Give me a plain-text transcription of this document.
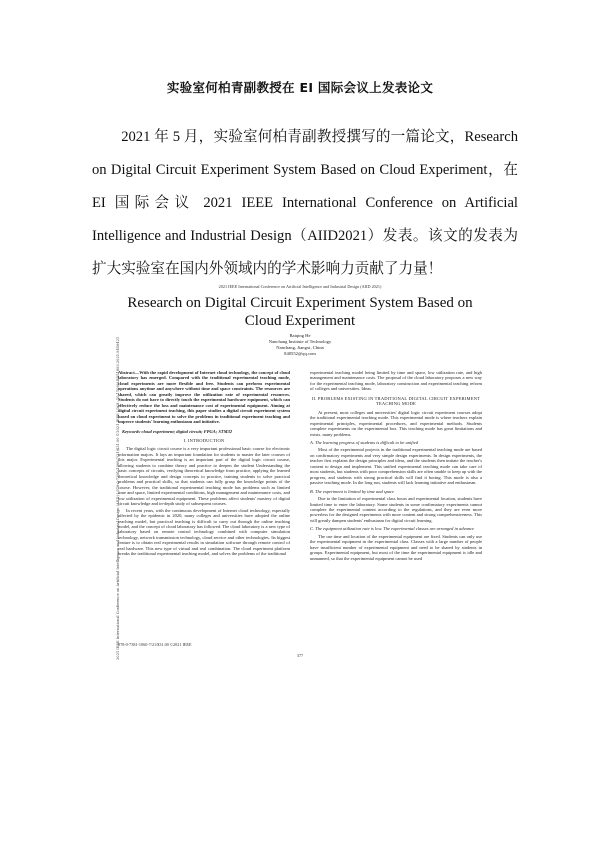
实验室何柏青副教授在 EI 国际会议上发表论文
2021 年 5 月，实验室何柏青副教授撰写的一篇论文，Research on Digital Circuit Experiment System Based on Cloud Experiment，在 EI 国际会议 2021 IEEE International Conference on Artificial Intelligence and Industrial Design（AIID2021）发表。该文的发表为扩大实验室在国内外领域内的学术影响力贡献了力量！
2021 IEEE International Conference on Artificial Intelligence and Industrial Design (AIID 2021)
Research on Digital Circuit Experiment System Based on Cloud Experiment
Baiqing He
Nanchang Institute of Technology
Nanchang, Jiangxi, China
840552@qq.com

Abstract—With the rapid development of Internet cloud technology, the concept of cloud laboratory has emerged. Compared with the traditional experimental teaching mode, cloud experiments are more flexible and free. Students can perform experimental operations anytime and anywhere without time and space constraints. The resources are shared, which can greatly improve the utilization rate of experimental resources. Students do not have to directly touch the experimental hardware equipment, which can effectively reduce the loss and maintenance cost of experimental equipment. Aiming at digital circuit experiment teaching, this paper studies a digital circuit experiment system based on cloud experiment to solve the problems in traditional experiment teaching and improve students' learning enthusiasm and initiative.

Keywords-cloud experiment; digital circuit; FPGA; STM32

I. INTRODUCTION

The digital logic circuit course is a very important professional basic course for electronic information majors. It lays an important foundation for students to master the later courses of this major. Experimental teaching is an important part of the digital logic circuit course, allowing students to combine theory and practice to deepen the student Understanding the basic concepts of circuits, verifying theoretical knowledge from practice, applying the learned theoretical knowledge and design concepts to practice, training students to solve practical problems and practical skills, so that students can fully grasp the knowledge points of the course. However, the traditional experimental teaching mode has problems such as limited time and space, limited experimental conditions, high management and maintenance costs, and low utilization of experimental equipment. These problems affect students' mastery of digital circuit knowledge and in-depth study of subsequent courses.

In recent years, with the continuous development of Internet cloud technology, especially affected by the epidemic in 2020, many colleges and universities have adopted the online teaching model, but practical teaching is difficult to carry out through the online teaching model, and the concept of cloud laboratory has followed. The cloud laboratory is a new type of laboratory based on remote control technology combined with computer simulation technology, network transmission technology, cloud service and other technologies. Its biggest feature is to obtain real experimental results in simulation software through remote control of real hardware. This new type of virtual and real combination. The cloud experiment platform breaks the traditional experimental teaching model, and solves the problems of the traditional

experimental teaching model being limited by time and space, low utilization rate, and high management and maintenance costs. The proposal of the cloud laboratory proposes a new way for the experimental teaching mode, laboratory construction and experimental teaching reform of colleges and universities. Ideas.

II. PROBLEMS EXISTING IN TRADITIONAL DIGITAL CIRCUIT EXPERIMENT TEACHING MODE

At present, most colleges and universities' digital logic circuit experiment courses adopt the traditional experimental teaching mode. This experimental mode is where teachers explain experimental principles, experimental procedures, and experimental methods. Students complete experiments on the experimental box. This teaching mode has great limitations and exists. many problems.

A. The learning progress of students is difficult to be unified

Most of the experimental projects in the traditional experimental teaching mode are based on confirmatory experiments and very simple design experiments. In design experiments, the teacher first explains the design principles and ideas, and the students then imitate the teacher's content to design and implement. This unified experimental teaching mode can take care of most students, but students with poor comprehension skills are often unable to keep up with the progress, and students with strong practical skills will find it boring. This mode is also a passive teaching mode. In the long run, students will lack learning initiative and enthusiasm.

B. The experiment is limited by time and space

Due to the limitation of experimental class hours and experimental location, students have limited time to enter the laboratory. Some students in some confirmatory experiments cannot complete the experimental content according to the regulations, and they are even more powerless for the designed experiments with more content and strong comprehensiveness. This will greatly dampen students' enthusiasm for digital circuit learning.

C. The equipment utilization rate is low. The experimental classes are arranged in advance

The use time and location of the experimental equipment are fixed. Students can only use the experimental equipment in the experimental class. Classes with a large number of people have insufficient number of experimental equipment and need to be shared by students in groups. Experimental equipment, but most of the time the experimental equipment is idle and unmanned, so that the experimental equipment cannot be used

978-0-7381-1060-7/21/$31.00 ©2021 IEEE
377
2021 IEEE International Conference on Artificial Intelligence and Industrial Design (AIID) | 978-0-7381-1060-7/21/$31.00 ©2021 IEEE | DOI: 10.1109/AIID51893.2021.9456421
